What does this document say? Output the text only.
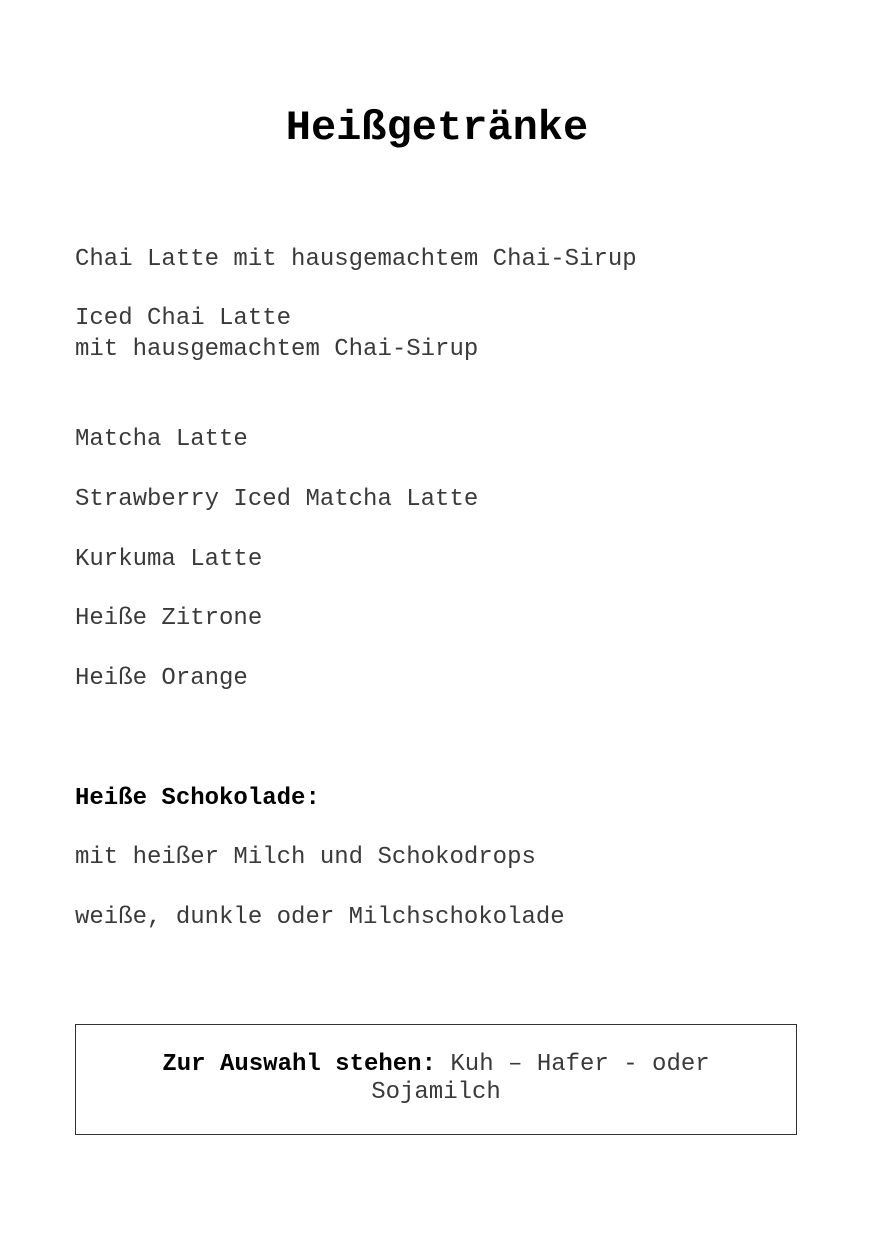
Heißgetränke
Chai Latte mit hausgemachtem Chai-Sirup
Iced Chai Latte
mit hausgemachtem Chai-Sirup
Matcha Latte
Strawberry Iced Matcha Latte
Kurkuma Latte
Heiße Zitrone
Heiße Orange
Heiße Schokolade:
mit heißer Milch und Schokodrops
weiße, dunkle oder Milchschokolade
Zur Auswahl stehen: Kuh – Hafer - oder
Sojamilch
